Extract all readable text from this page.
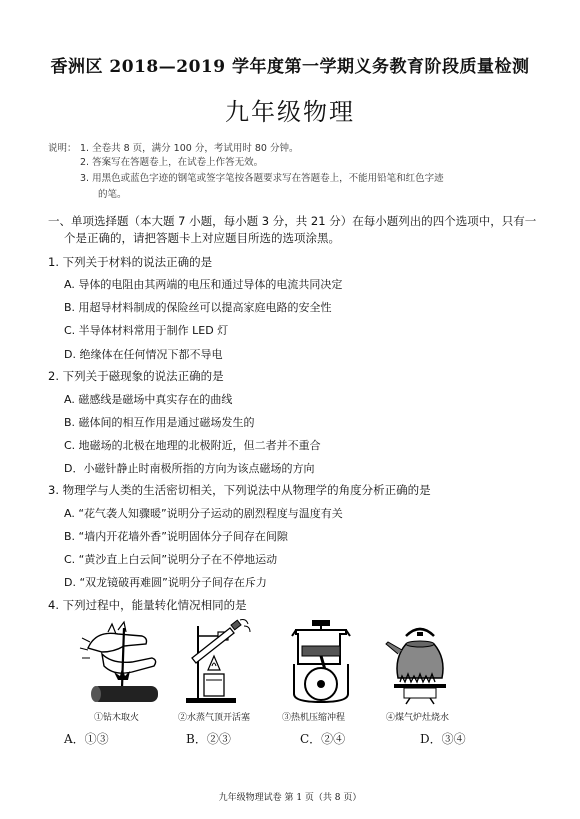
香洲区 2018—2019 学年度第一学期义务教育阶段质量检测
九年级物理
说明： 1. 全卷共 8 页，满分 100 分，考试用时 80 分钟。
2. 答案写在答题卷上，在试卷上作答无效。
3. 用黑色或蓝色字迹的钢笔或签字笔按各题要求写在答题卷上，不能用铅笔和红色字迹
的笔。
一、单项选择题（本大题 7 小题，每小题 3 分，共 21 分）在每小题列出的四个选项中，只有一
个是正确的，请把答题卡上对应题目所选的选项涂黑。
1. 下列关于材料的说法正确的是
A. 导体的电阻由其两端的电压和通过导体的电流共同决定
B. 用超导材料制成的保险丝可以提高家庭电路的安全性
C. 半导体材料常用于制作 LED 灯
D. 绝缘体在任何情况下都不导电
2. 下列关于磁现象的说法正确的是
A. 磁感线是磁场中真实存在的曲线
B. 磁体间的相互作用是通过磁场发生的
C. 地磁场的北极在地理的北极附近，但二者并不重合
D．小磁针静止时南极所指的方向为该点磁场的方向
3. 物理学与人类的生活密切相关，下列说法中从物理学的角度分析正确的是
A. “花气袭人知骤暖”说明分子运动的剧烈程度与温度有关
B. “墙内开花墙外香”说明固体分子间存在间隙
C. “黄沙直上白云间”说明分子在不停地运动
D. “双龙镜破再难圆”说明分子间存在斥力
4. 下列过程中，能量转化情况相同的是
①钻木取火	②水蒸气顶开活塞	③热机压缩冲程	④煤气炉灶烧水
A．①③	B．②③	C．②④	D．③④
九年级物理试卷 第 1 页（共 8 页）
